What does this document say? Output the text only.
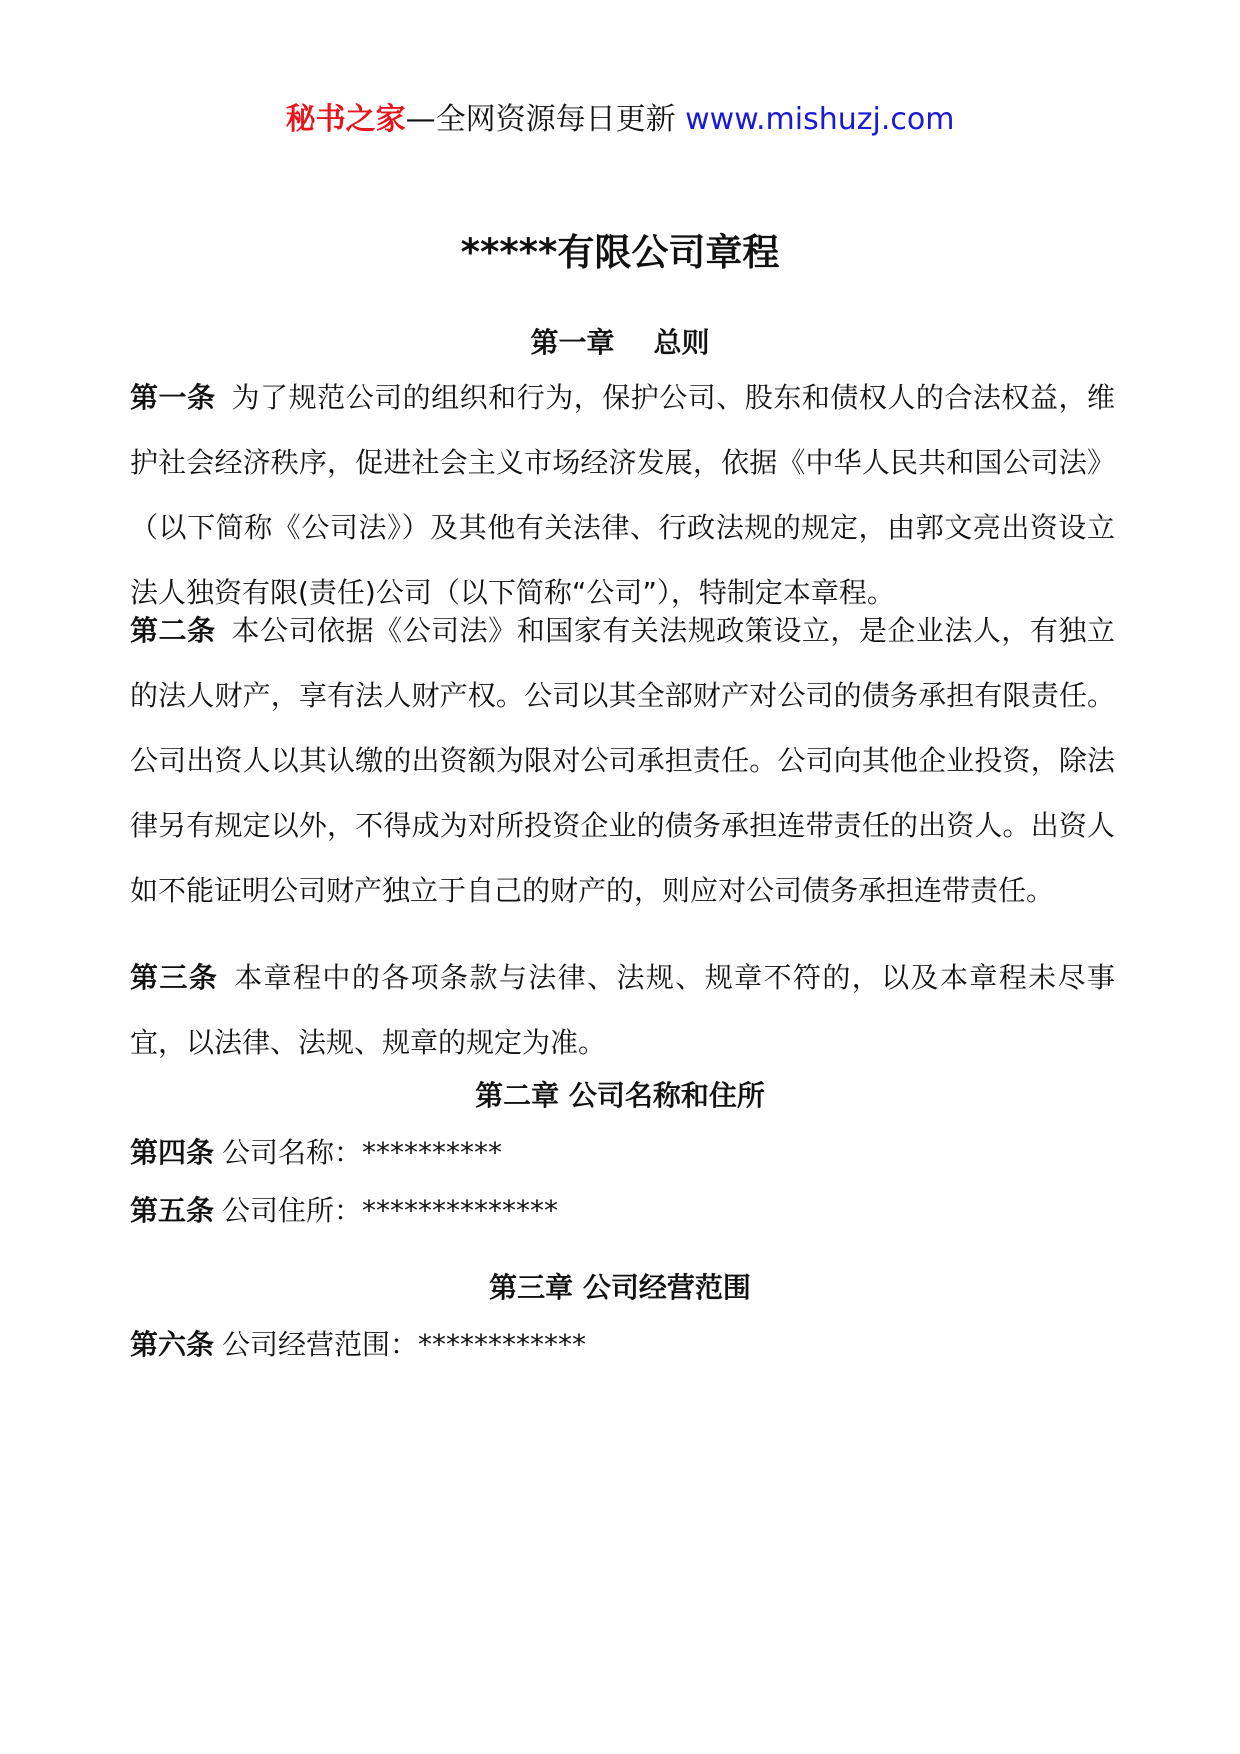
秘书之家—全网资源每日更新 www.mishuzj.com
*****有限公司章程
第一章    总则
第一条 为了规范公司的组织和行为，保护公司、股东和债权人的合法权益，维护社会经济秩序，促进社会主义市场经济发展，依据《中华人民共和国公司法》（以下简称《公司法》）及其他有关法律、行政法规的规定，由郭文亮出资设立法人独资有限(责任)公司（以下简称“公司”），特制定本章程。
第二条 本公司依据《公司法》和国家有关法规政策设立，是企业法人，有独立的法人财产，享有法人财产权。公司以其全部财产对公司的债务承担有限责任。公司出资人以其认缴的出资额为限对公司承担责任。公司向其他企业投资，除法律另有规定以外，不得成为对所投资企业的债务承担连带责任的出资人。出资人如不能证明公司财产独立于自己的财产的，则应对公司债务承担连带责任。
第三条 本章程中的各项条款与法律、法规、规章不符的，以及本章程未尽事宜，以法律、法规、规章的规定为准。
第二章 公司名称和住所
第四条 公司名称：**********
第五条 公司住所：**************
第三章 公司经营范围
第六条 公司经营范围：************
